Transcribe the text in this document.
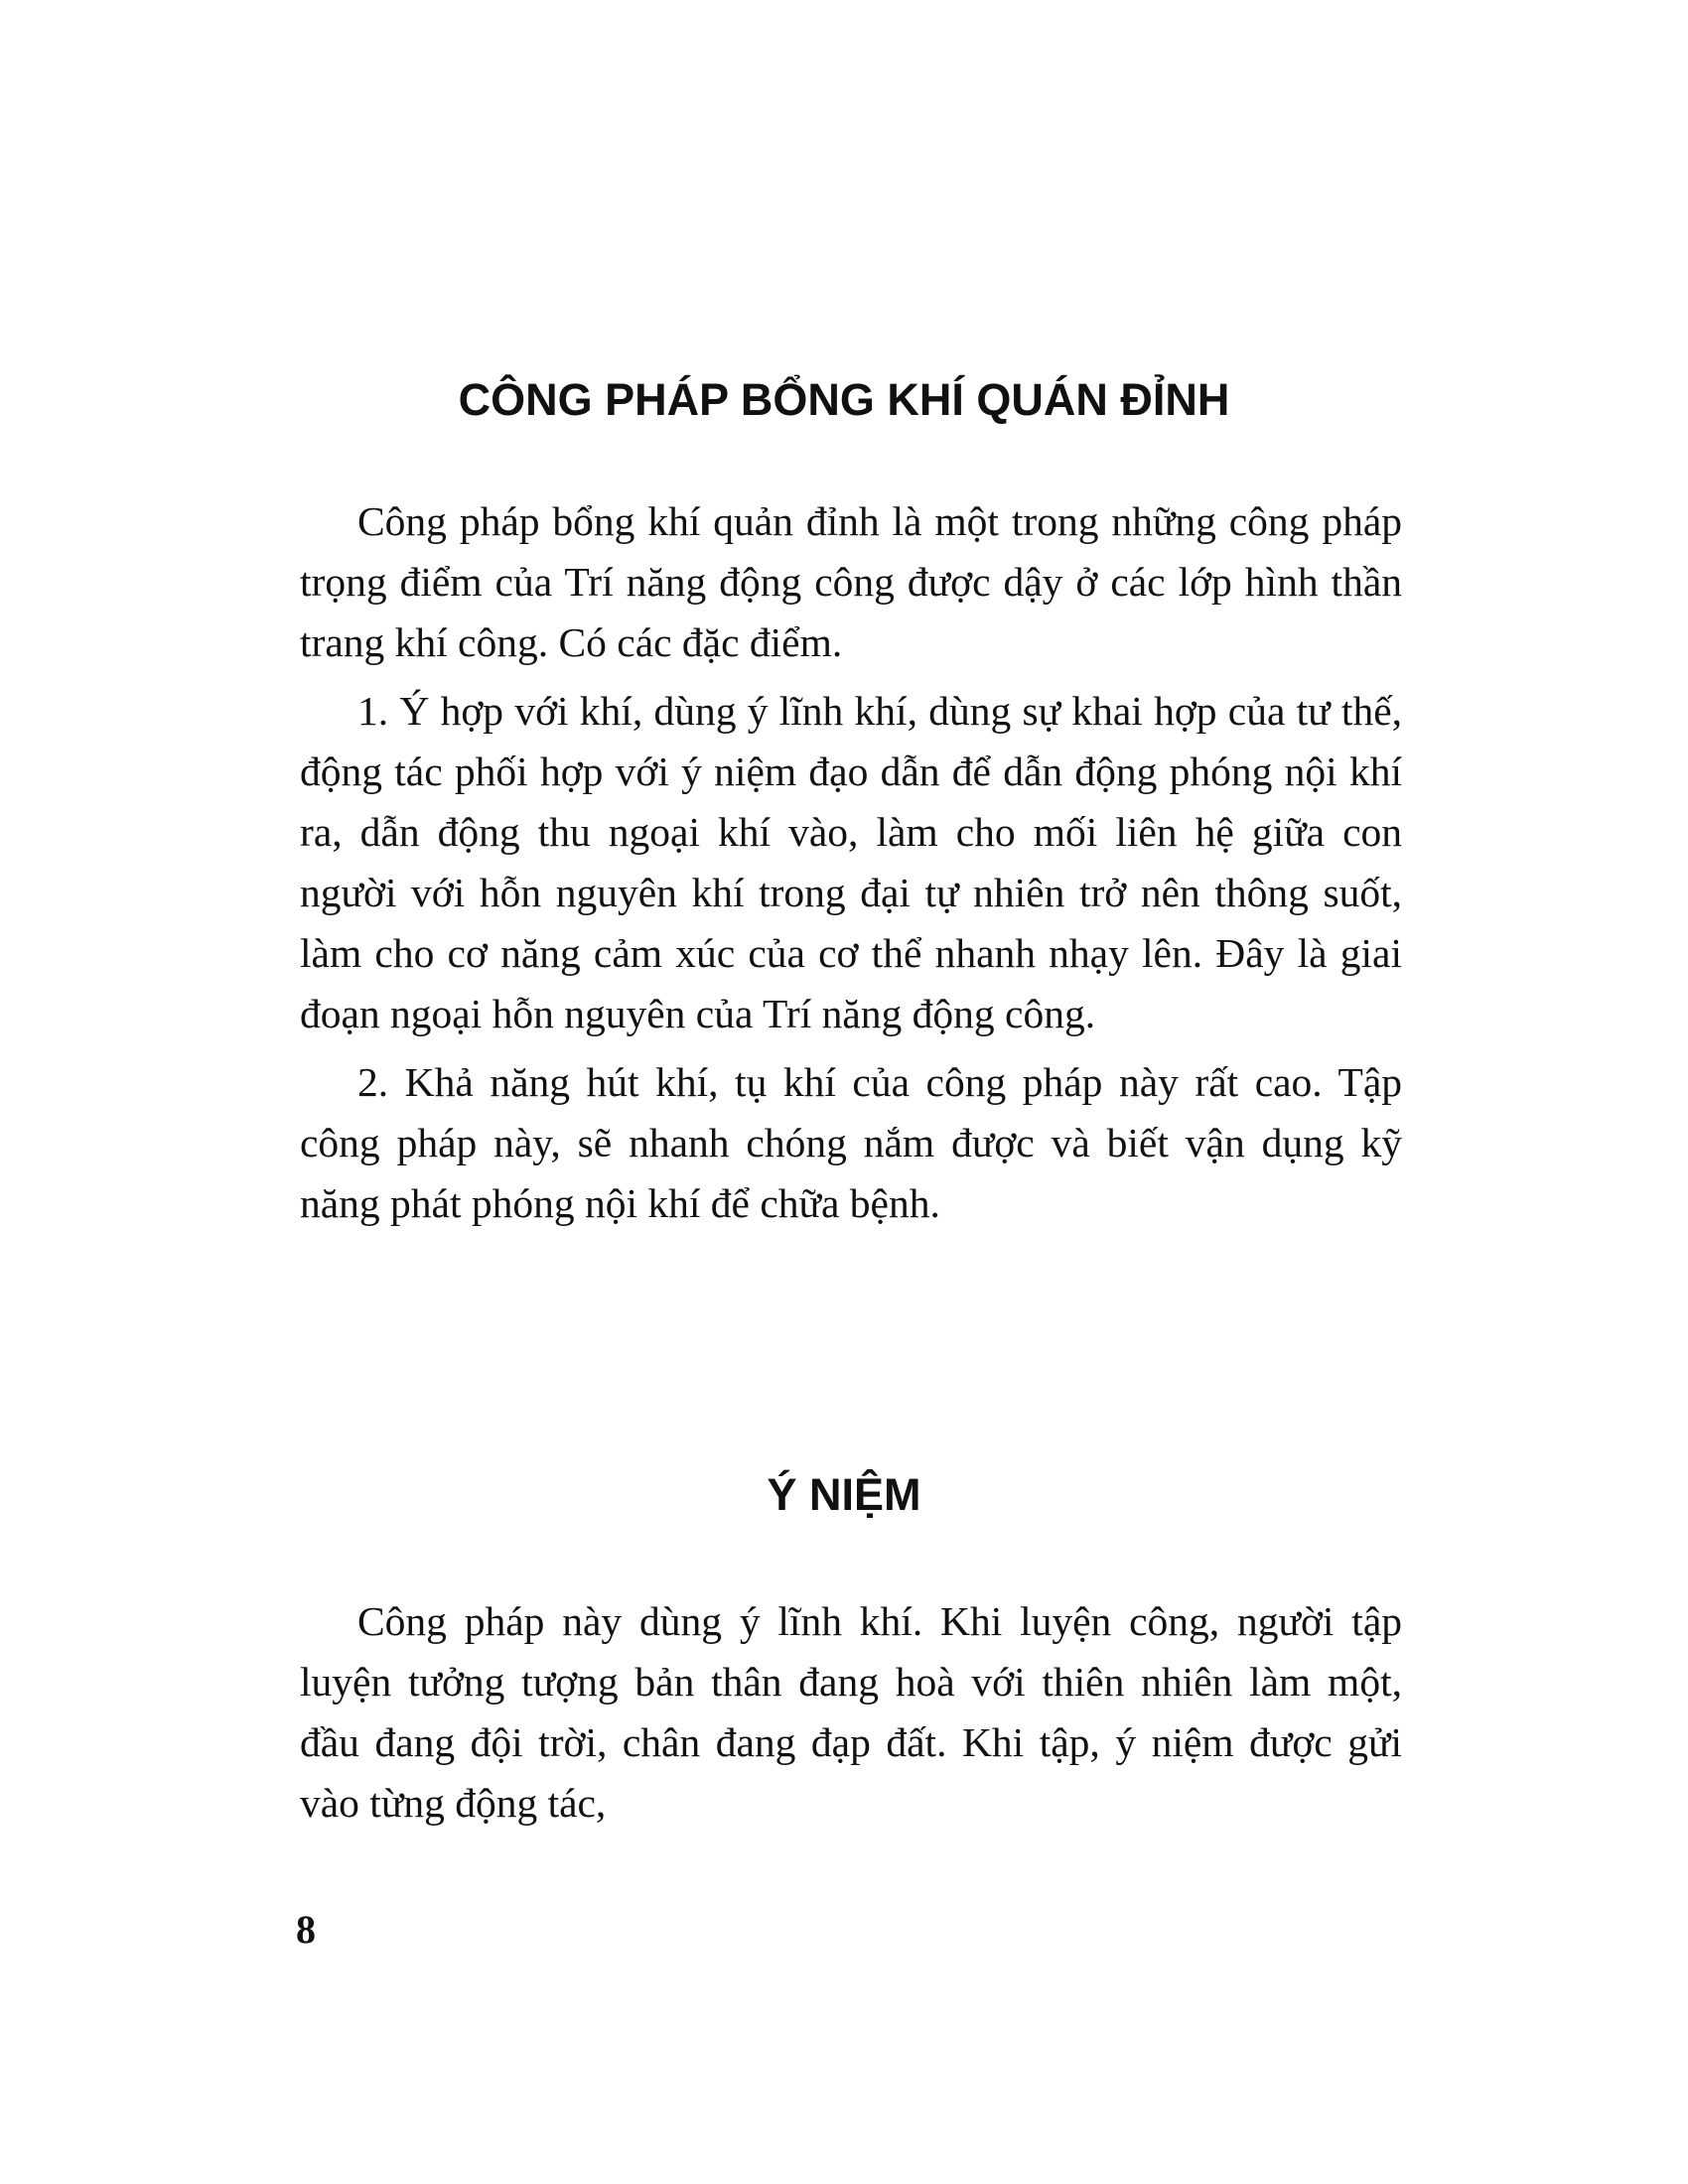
CÔNG PHÁP BỔNG KHÍ QUÁN ĐỈNH

Công pháp bổng khí quản đỉnh là một trong những công pháp trọng điểm của Trí năng động công được dậy ở các lớp hình thần trang khí công. Có các đặc điểm.

1. Ý hợp với khí, dùng ý lĩnh khí, dùng sự khai hợp của tư thế, động tác phối hợp với ý niệm đạo dẫn để dẫn động phóng nội khí ra, dẫn động thu ngoại khí vào, làm cho mối liên hệ giữa con người với hỗn nguyên khí trong đại tự nhiên trở nên thông suốt, làm cho cơ năng cảm xúc của cơ thể nhanh nhạy lên. Đây là giai đoạn ngoại hỗn nguyên của Trí năng động công.

2. Khả năng hút khí, tụ khí của công pháp này rất cao. Tập công pháp này, sẽ nhanh chóng nắm được và biết vận dụng kỹ năng phát phóng nội khí để chữa bệnh.

Ý NIỆM

Công pháp này dùng ý lĩnh khí. Khi luyện công, người tập luyện tưởng tượng bản thân đang hoà với thiên nhiên làm một, đầu đang đội trời, chân đang đạp đất. Khi tập, ý niệm được gửi vào từng động tác,

8
